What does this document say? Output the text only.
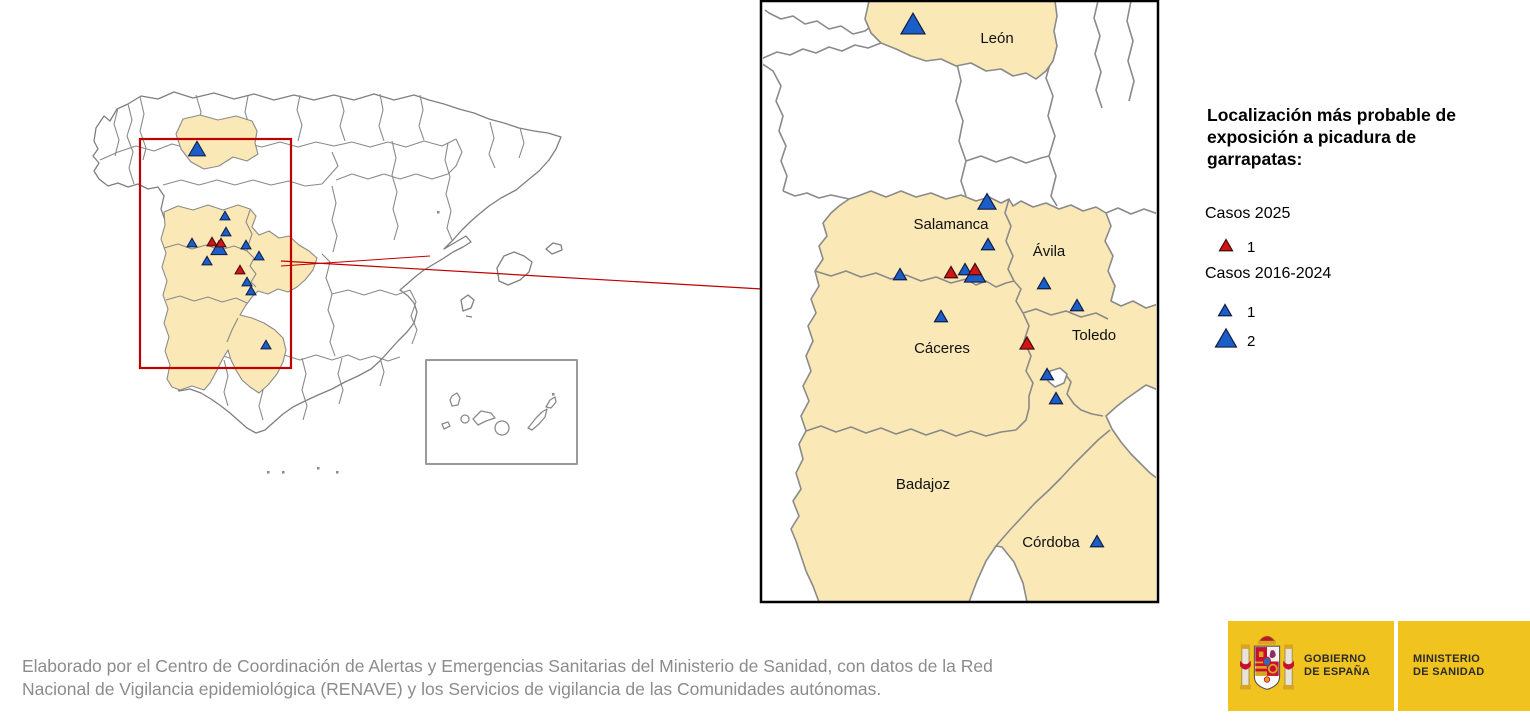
León
Salamanca
Ávila
Cáceres
Toledo
Badajoz
Córdoba
Localización más probable de
exposición a picadura de
garrapatas:
Casos 2025
1
Casos 2016-2024
1
2
Elaborado por el Centro de Coordinación de Alertas y Emergencias Sanitarias del Ministerio de Sanidad, con datos de la Red
Nacional de Vigilancia epidemiológica (RENAVE) y los Servicios de vigilancia de las Comunidades autónomas.
GOBIERNO
DE ESPAÑA
MINISTERIO
DE SANIDAD
